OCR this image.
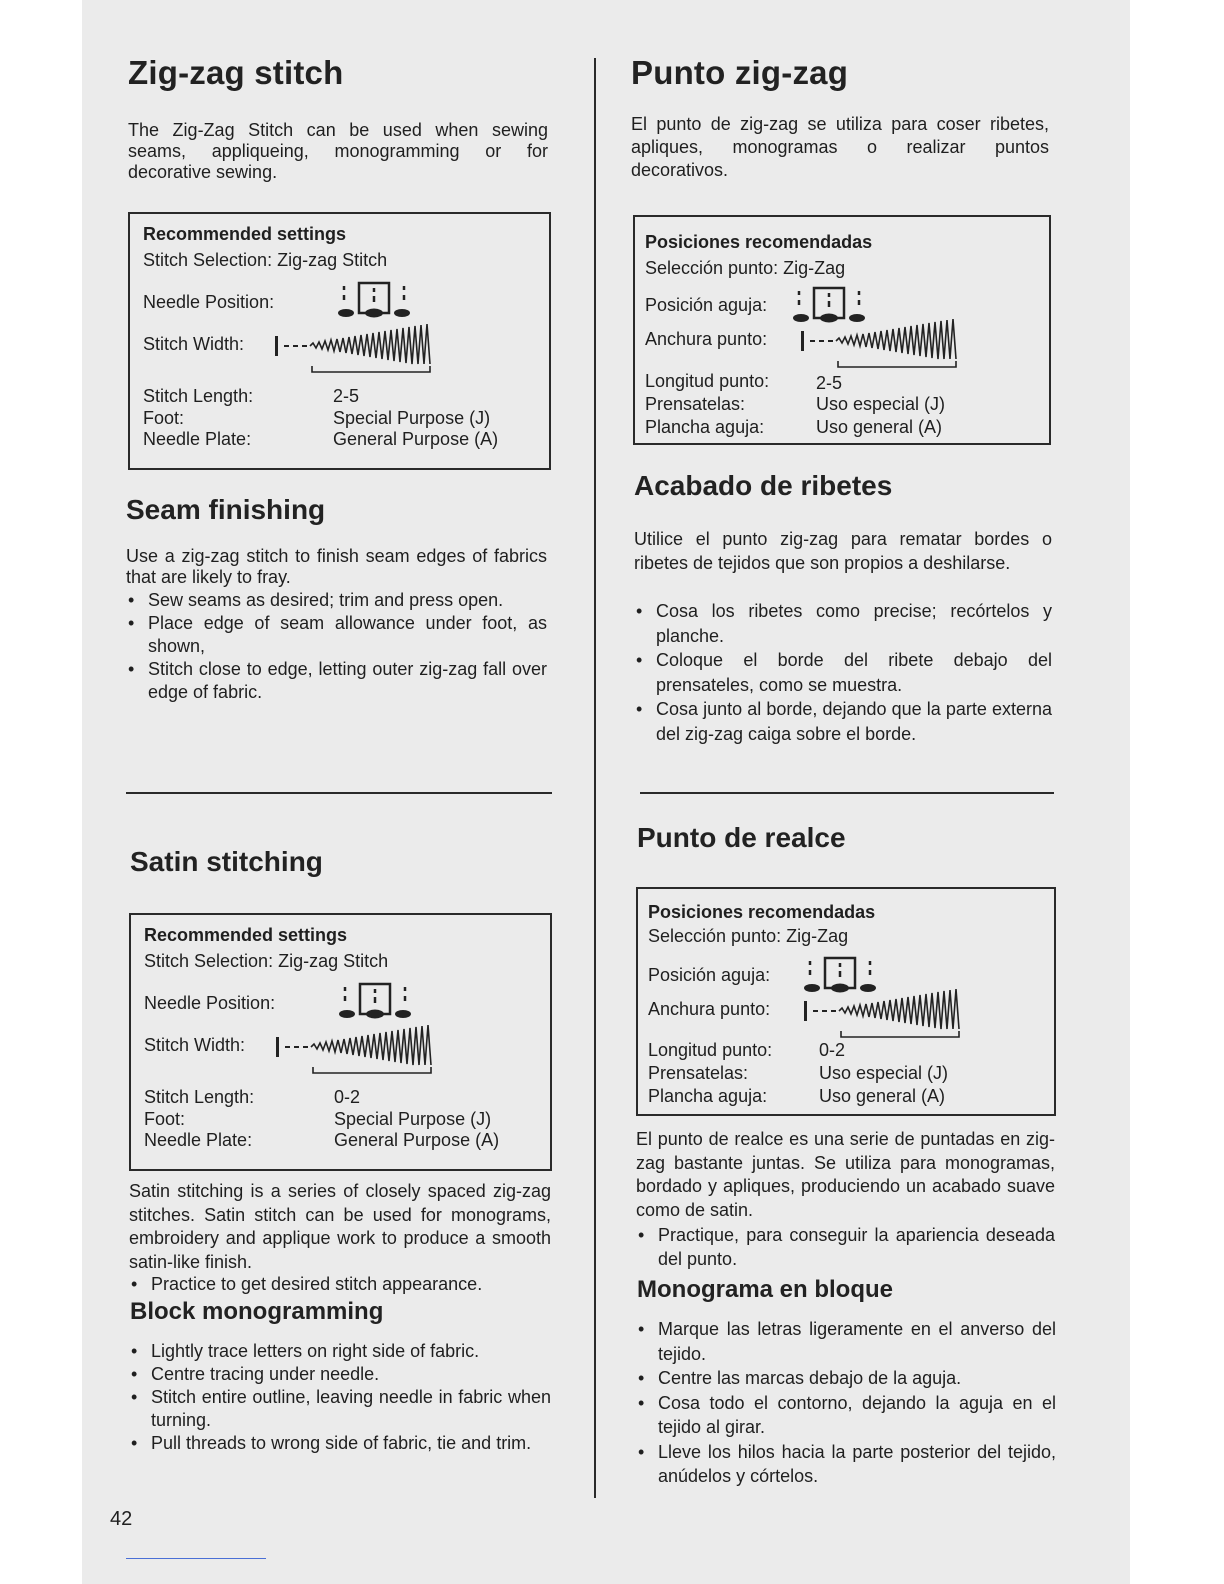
Zig-zag stitch

The Zig-Zag Stitch can be used when sewing seams, appliqueing, monogramming or for decorative sewing.

Recommended settings
Stitch Selection: Zig-zag Stitch
Needle Position:
Stitch Width:
Stitch Length:	2-5
Foot:	Special Purpose (J)
Needle Plate:	General Purpose (A)
Seam finishing

Use a zig-zag stitch to finish seam edges of fabrics that are likely to fray.

• Sew seams as desired; trim and press open.
• Place edge of seam allowance under foot, as shown,
• Stitch close to edge, letting outer zig-zag fall over edge of fabric.
Satin stitching
Recommended settings
Stitch Selection: Zig-zag Stitch
Needle Position:
Stitch Width:
Stitch Length:	0-2
Foot:	Special Purpose (J)
Needle Plate:	General Purpose (A)

Satin stitching is a series of closely spaced zig-zag stitches. Satin stitch can be used for monograms, embroidery and applique work to produce a smooth satin-like finish.

• Practice to get desired stitch appearance.
Block monogramming
• Lightly trace letters on right side of fabric.
• Centre tracing under needle.
• Stitch entire outline, leaving needle in fabric when turning.
• Pull threads to wrong side of fabric, tie and trim.
Punto zig-zag

El punto de zig-zag se utiliza para coser ribetes, apliques, monogramas o realizar puntos decorativos.

Posiciones recomendadas
Selección punto: Zig-Zag
Posición aguja:
Anchura punto:
Longitud punto:	2-5
Prensatelas:	Uso especial (J)
Plancha aguja:	Uso general (A)
Acabado de ribetes

Utilice el punto zig-zag para rematar bordes o ribetes de tejidos que son propios a deshilarse.

• Cosa los ribetes como precise; recórtelos y planche.
• Coloque el borde del ribete debajo del prensateles, como se muestra.
• Cosa junto al borde, dejando que la parte externa del zig-zag caiga sobre el borde.
Punto de realce
Posiciones recomendadas
Selección punto: Zig-Zag
Posición aguja:
Anchura punto:
Longitud punto:	0-2
Prensatelas:	Uso especial (J)
Plancha aguja:	Uso general (A)

El punto de realce es una serie de puntadas en zig-zag bastante juntas. Se utiliza para monogramas, bordado y apliques, produciendo un acabado suave como de satin.

• Practique, para conseguir la apariencia deseada del punto.
Monograma en bloque
• Marque las letras ligeramente en el anverso del tejido.
• Centre las marcas debajo de la aguja.
• Cosa todo el contorno, dejando la aguja en el tejido al girar.
• Lleve los hilos hacia la parte posterior del tejido, anúdelos y córtelos.
42
